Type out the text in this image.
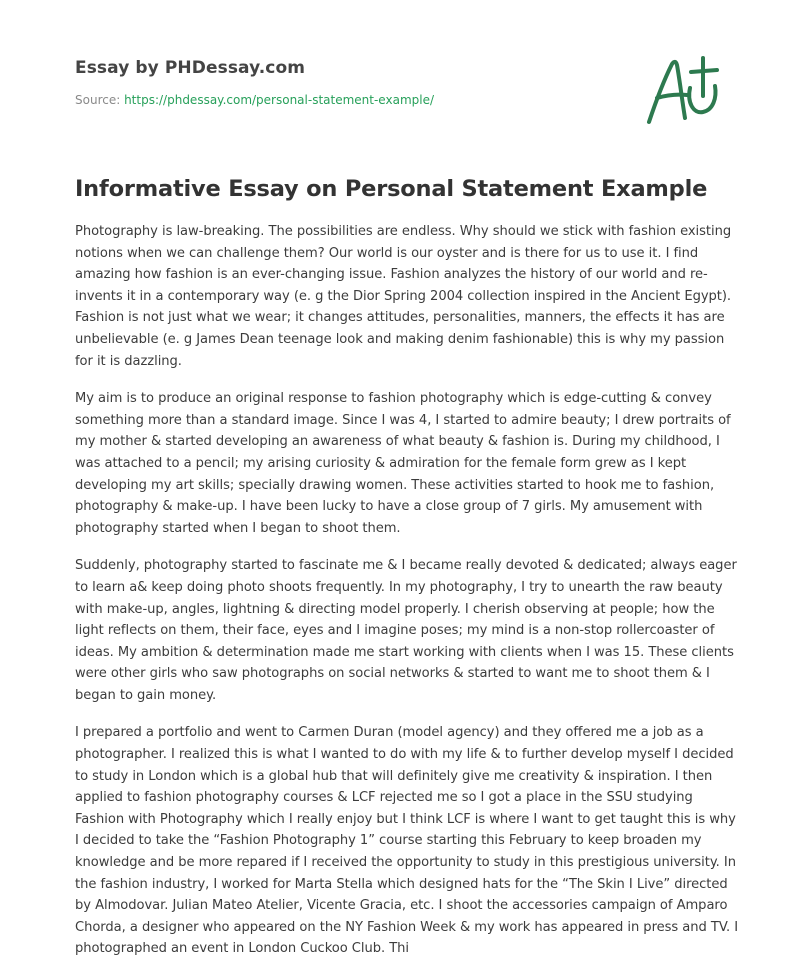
Essay by PHDessay.com
Source: https://phdessay.com/personal-statement-example/
Informative Essay on Personal Statement Example

Photography is law-breaking. The possibilities are endless. Why should we stick with fashion existing notions when we can challenge them? Our world is our oyster and is there for us to use it. I find amazing how fashion is an ever-changing issue. Fashion analyzes the history of our world and re-invents it in a contemporary way (e. g the Dior Spring 2004 collection inspired in the Ancient Egypt). Fashion is not just what we wear; it changes attitudes, personalities, manners, the effects it has are unbelievable (e. g James Dean teenage look and making denim fashionable) this is why my passion for it is dazzling.

My aim is to produce an original response to fashion photography which is edge-cutting & convey something more than a standard image. Since I was 4, I started to admire beauty; I drew portraits of my mother & started developing an awareness of what beauty & fashion is. During my childhood, I was attached to a pencil; my arising curiosity & admiration for the female form grew as I kept developing my art skills; specially drawing women. These activities started to hook me to fashion, photography & make-up. I have been lucky to have a close group of 7 girls. My amusement with photography started when I began to shoot them.

Suddenly, photography started to fascinate me & I became really devoted & dedicated; always eager to learn a& keep doing photo shoots frequently. In my photography, I try to unearth the raw beauty with make-up, angles, lightning & directing model properly. I cherish observing at people; how the light reflects on them, their face, eyes and I imagine poses; my mind is a non-stop rollercoaster of ideas. My ambition & determination made me start working with clients when I was 15. These clients were other girls who saw photographs on social networks & started to want me to shoot them & I began to gain money.

I prepared a portfolio and went to Carmen Duran (model agency) and they offered me a job as a photographer. I realized this is what I wanted to do with my life & to further develop myself I decided to study in London which is a global hub that will definitely give me creativity & inspiration. I then applied to fashion photography courses & LCF rejected me so I got a place in the SSU studying Fashion with Photography which I really enjoy but I think LCF is where I want to get taught this is why I decided to take the “Fashion Photography 1” course starting this February to keep broaden my knowledge and be more repared if I received the opportunity to study in this prestigious university. In the fashion industry, I worked for Marta Stella which designed hats for the “The Skin I Live” directed by Almodovar. Julian Mateo Atelier, Vicente Gracia, etc. I shoot the accessories campaign of Amparo Chorda, a designer who appeared on the NY Fashion Week & my work has appeared in press and TV. I photographed an event in London Cuckoo Club. Thi
